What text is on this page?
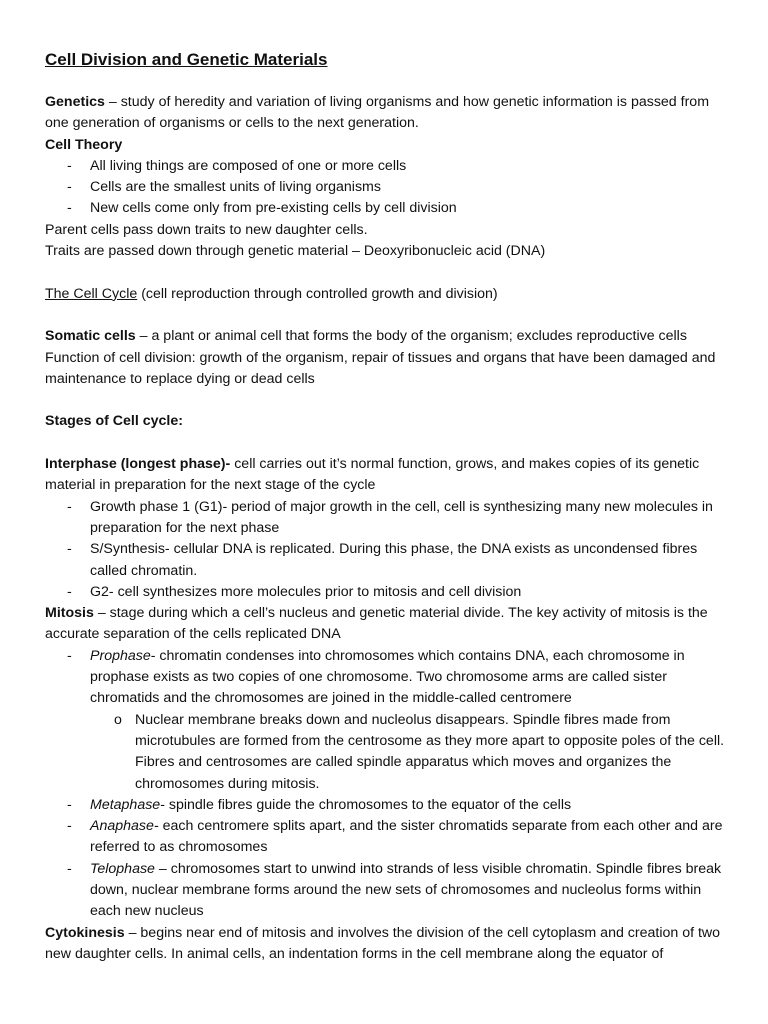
Cell Division and Genetic Materials

Genetics – study of heredity and variation of living organisms and how genetic information is passed from one generation of organisms or cells to the next generation.

Cell Theory

- All living things are composed of one or more cells
- Cells are the smallest units of living organisms
- New cells come only from pre-existing cells by cell division

Parent cells pass down traits to new daughter cells.

Traits are passed down through genetic material – Deoxyribonucleic acid (DNA)

The Cell Cycle (cell reproduction through controlled growth and division)

Somatic cells – a plant or animal cell that forms the body of the organism; excludes reproductive cells

Function of cell division: growth of the organism, repair of tissues and organs that have been damaged and maintenance to replace dying or dead cells

Stages of Cell cycle:

Interphase (longest phase)- cell carries out it’s normal function, grows, and makes copies of its genetic material in preparation for the next stage of the cycle

- Growth phase 1 (G1)- period of major growth in the cell, cell is synthesizing many new molecules in preparation for the next phase
- S/Synthesis- cellular DNA is replicated. During this phase, the DNA exists as uncondensed fibres called chromatin.
- G2- cell synthesizes more molecules prior to mitosis and cell division

Mitosis – stage during which a cell’s nucleus and genetic material divide. The key activity of mitosis is the accurate separation of the cells replicated DNA

- Prophase- chromatin condenses into chromosomes which contains DNA, each chromosome in prophase exists as two copies of one chromosome. Two chromosome arms are called sister chromatids and the chromosomes are joined in the middle-called centromere
o Nuclear membrane breaks down and nucleolus disappears. Spindle fibres made from microtubules are formed from the centrosome as they more apart to opposite poles of the cell. Fibres and centrosomes are called spindle apparatus which moves and organizes the chromosomes during mitosis.
- Metaphase- spindle fibres guide the chromosomes to the equator of the cells
- Anaphase- each centromere splits apart, and the sister chromatids separate from each other and are referred to as chromosomes
- Telophase – chromosomes start to unwind into strands of less visible chromatin. Spindle fibres break down, nuclear membrane forms around the new sets of chromosomes and nucleolus forms within each new nucleus

Cytokinesis – begins near end of mitosis and involves the division of the cell cytoplasm and creation of two new daughter cells. In animal cells, an indentation forms in the cell membrane along the equator of
